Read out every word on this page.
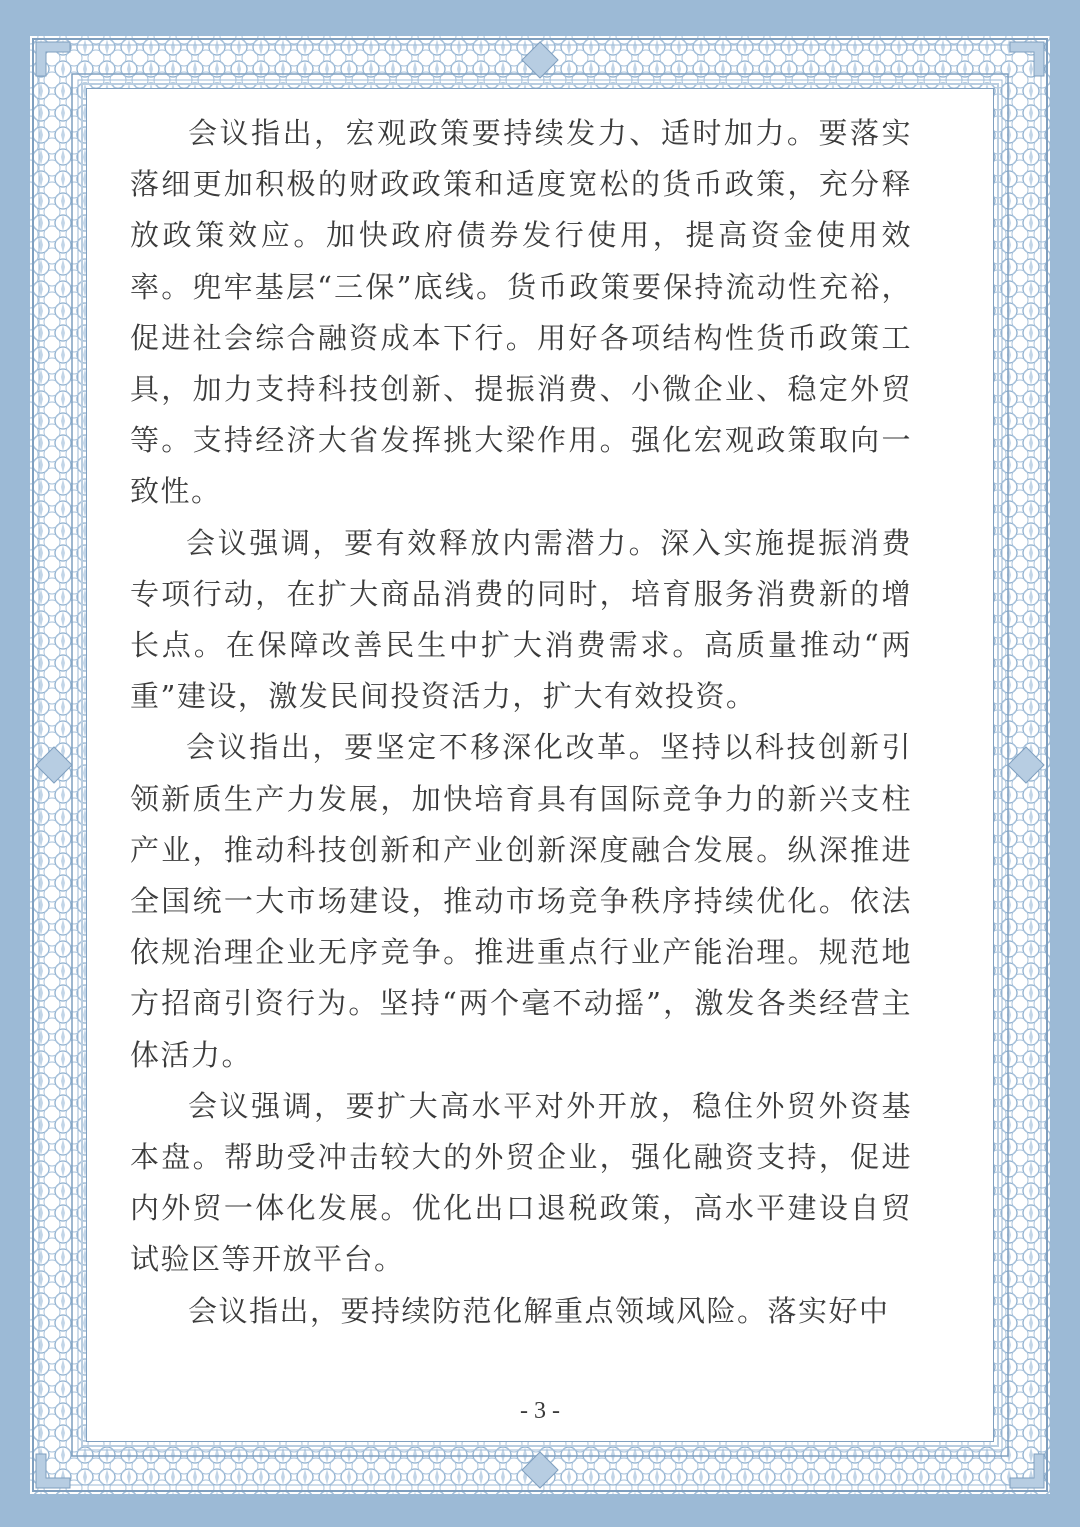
会议指出，宏观政策要持续发力、适时加力。要落实落细更加积极的财政政策和适度宽松的货币政策，充分释放政策效应。加快政府债券发行使用，提高资金使用效率。兜牢基层“三保”底线。货币政策要保持流动性充裕，促进社会综合融资成本下行。用好各项结构性货币政策工具，加力支持科技创新、提振消费、小微企业、稳定外贸等。支持经济大省发挥挑大梁作用。强化宏观政策取向一致性。

会议强调，要有效释放内需潜力。深入实施提振消费专项行动，在扩大商品消费的同时，培育服务消费新的增长点。在保障改善民生中扩大消费需求。高质量推动“两重”建设，激发民间投资活力，扩大有效投资。

会议指出，要坚定不移深化改革。坚持以科技创新引领新质生产力发展，加快培育具有国际竞争力的新兴支柱产业，推动科技创新和产业创新深度融合发展。纵深推进全国统一大市场建设，推动市场竞争秩序持续优化。依法依规治理企业无序竞争。推进重点行业产能治理。规范地方招商引资行为。坚持“两个毫不动摇”，激发各类经营主体活力。

会议强调，要扩大高水平对外开放，稳住外贸外资基本盘。帮助受冲击较大的外贸企业，强化融资支持，促进内外贸一体化发展。优化出口退税政策，高水平建设自贸试验区等开放平台。

会议指出，要持续防范化解重点领域风险。落实好中

- 3 -
